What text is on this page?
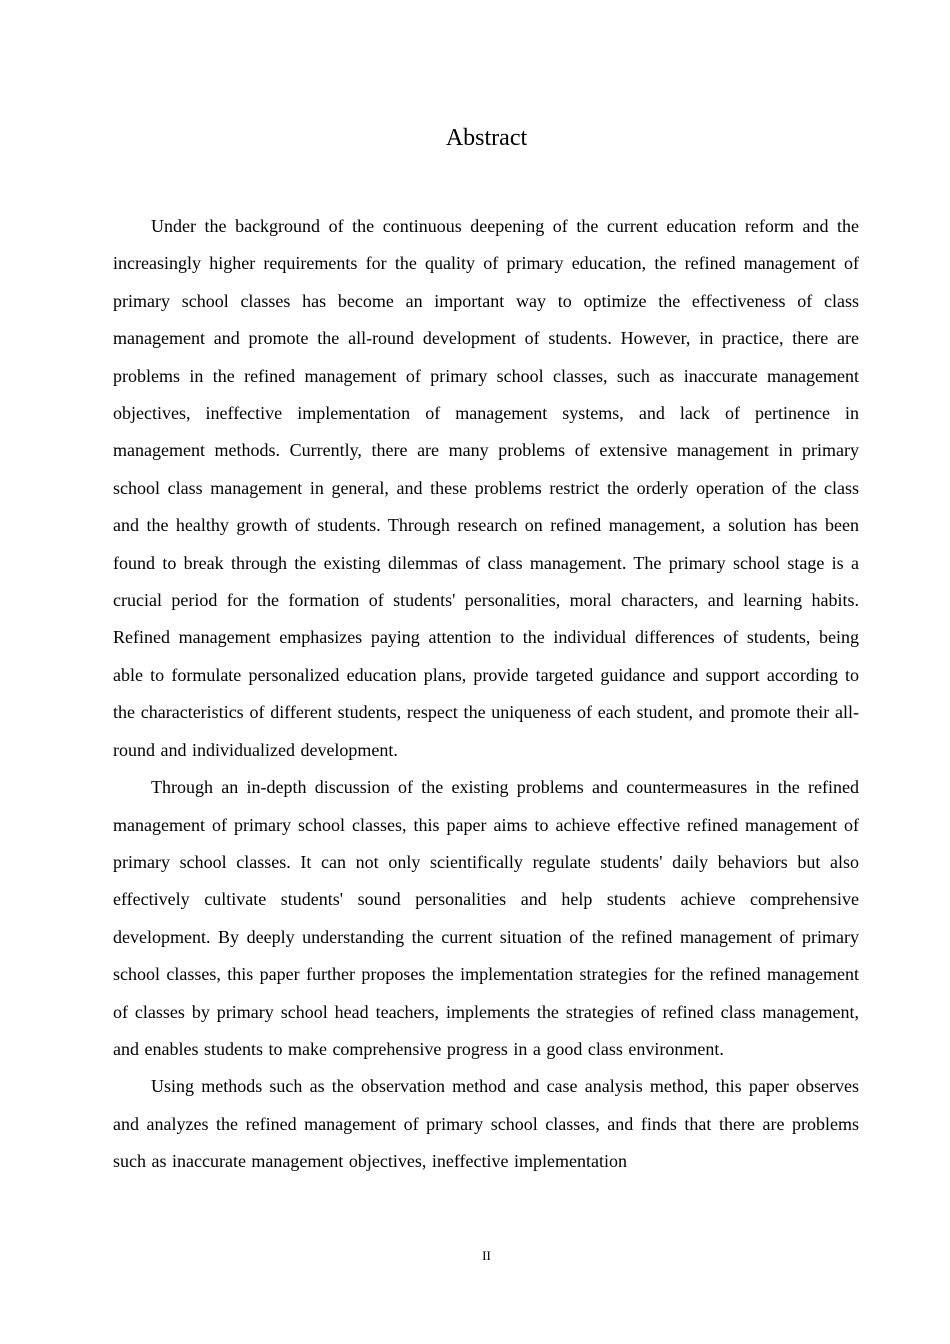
Abstract

Under the background of the continuous deepening of the current education reform and the increasingly higher requirements for the quality of primary education, the refined management of primary school classes has become an important way to optimize the effectiveness of class management and promote the all-round development of students. However, in practice, there are problems in the refined management of primary school classes, such as inaccurate management objectives, ineffective implementation of management systems, and lack of pertinence in management methods. Currently, there are many problems of extensive management in primary school class management in general, and these problems restrict the orderly operation of the class and the healthy growth of students. Through research on refined management, a solution has been found to break through the existing dilemmas of class management. The primary school stage is a crucial period for the formation of students' personalities, moral characters, and learning habits. Refined management emphasizes paying attention to the individual differences of students, being able to formulate personalized education plans, provide targeted guidance and support according to the characteristics of different students, respect the uniqueness of each student, and promote their all-round and individualized development.

Through an in-depth discussion of the existing problems and countermeasures in the refined management of primary school classes, this paper aims to achieve effective refined management of primary school classes. It can not only scientifically regulate students' daily behaviors but also effectively cultivate students' sound personalities and help students achieve comprehensive development. By deeply understanding the current situation of the refined management of primary school classes, this paper further proposes the implementation strategies for the refined management of classes by primary school head teachers, implements the strategies of refined class management, and enables students to make comprehensive progress in a good class environment.

Using methods such as the observation method and case analysis method, this paper observes and analyzes the refined management of primary school classes, and finds that there are problems such as inaccurate management objectives, ineffective implementation

II
